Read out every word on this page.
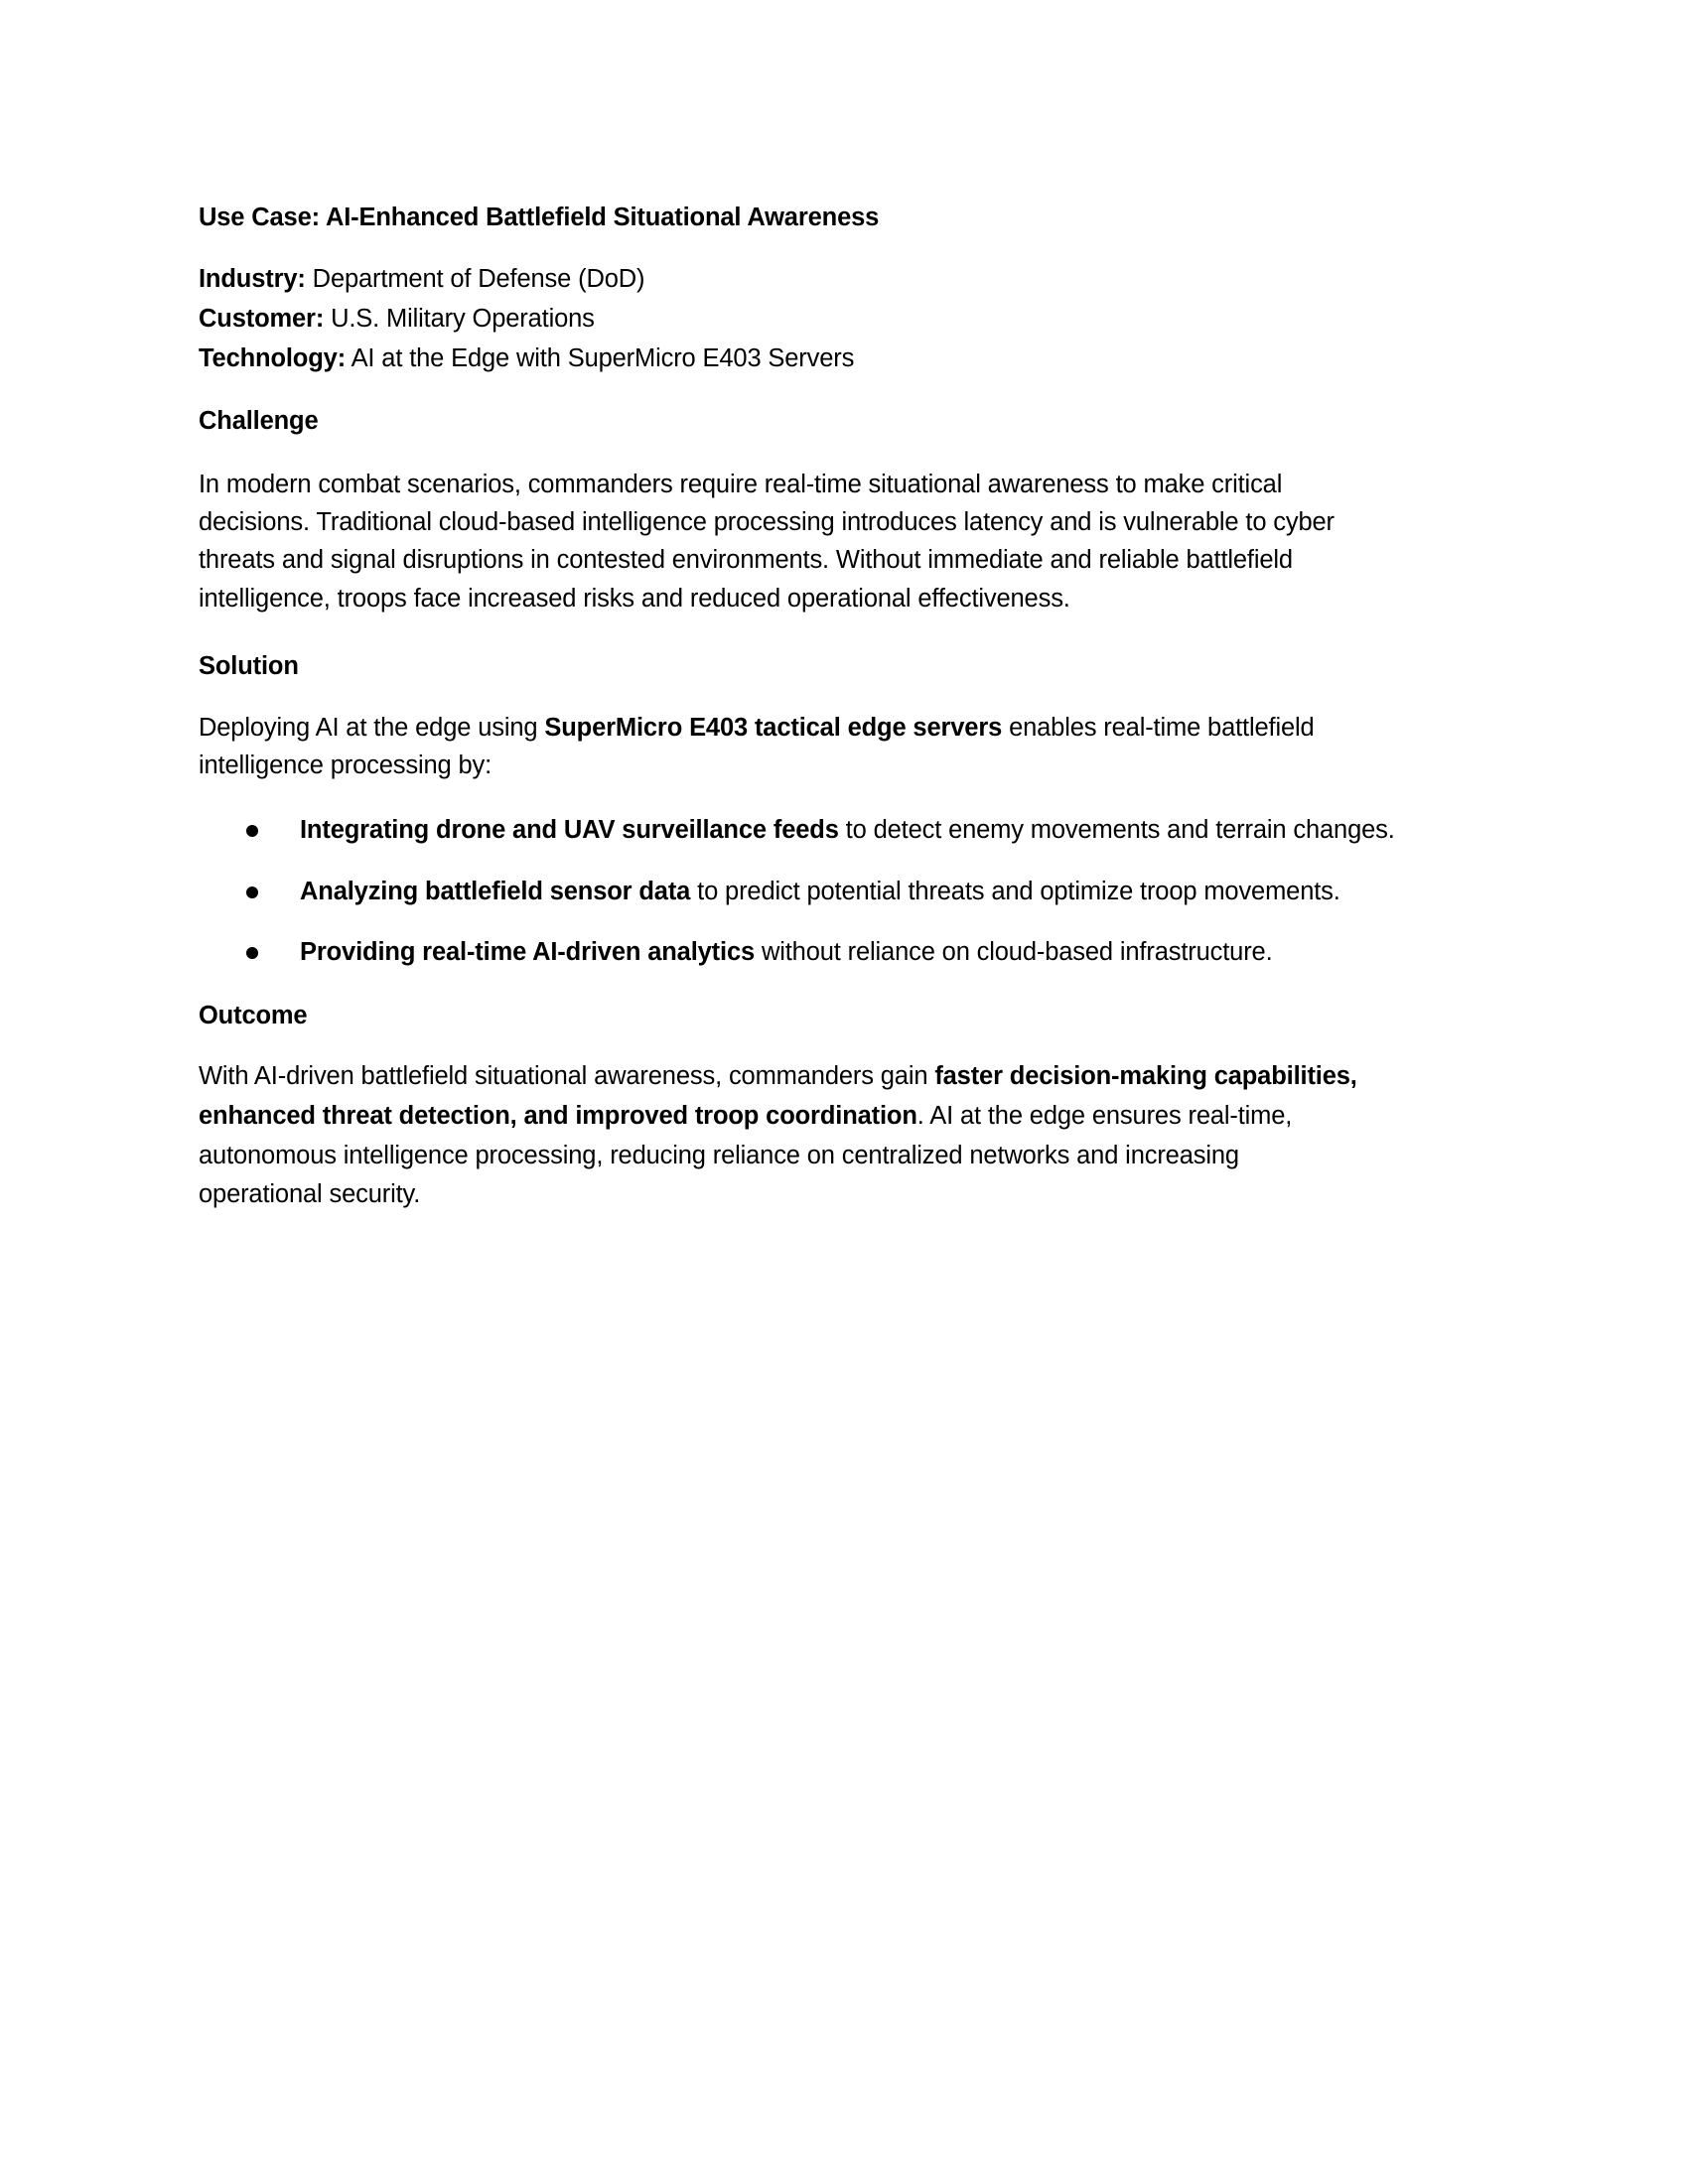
Use Case: AI-Enhanced Battlefield Situational Awareness
Industry: Department of Defense (DoD)
Customer: U.S. Military Operations
Technology: AI at the Edge with SuperMicro E403 Servers
Challenge
In modern combat scenarios, commanders require real-time situational awareness to make critical
decisions. Traditional cloud-based intelligence processing introduces latency and is vulnerable to cyber
threats and signal disruptions in contested environments. Without immediate and reliable battlefield
intelligence, troops face increased risks and reduced operational effectiveness.
Solution
Deploying AI at the edge using SuperMicro E403 tactical edge servers enables real-time battlefield
intelligence processing by:
Integrating drone and UAV surveillance feeds to detect enemy movements and terrain changes.
Analyzing battlefield sensor data to predict potential threats and optimize troop movements.
Providing real-time AI-driven analytics without reliance on cloud-based infrastructure.
Outcome
With AI-driven battlefield situational awareness, commanders gain faster decision-making capabilities,
enhanced threat detection, and improved troop coordination. AI at the edge ensures real-time,
autonomous intelligence processing, reducing reliance on centralized networks and increasing
operational security.
